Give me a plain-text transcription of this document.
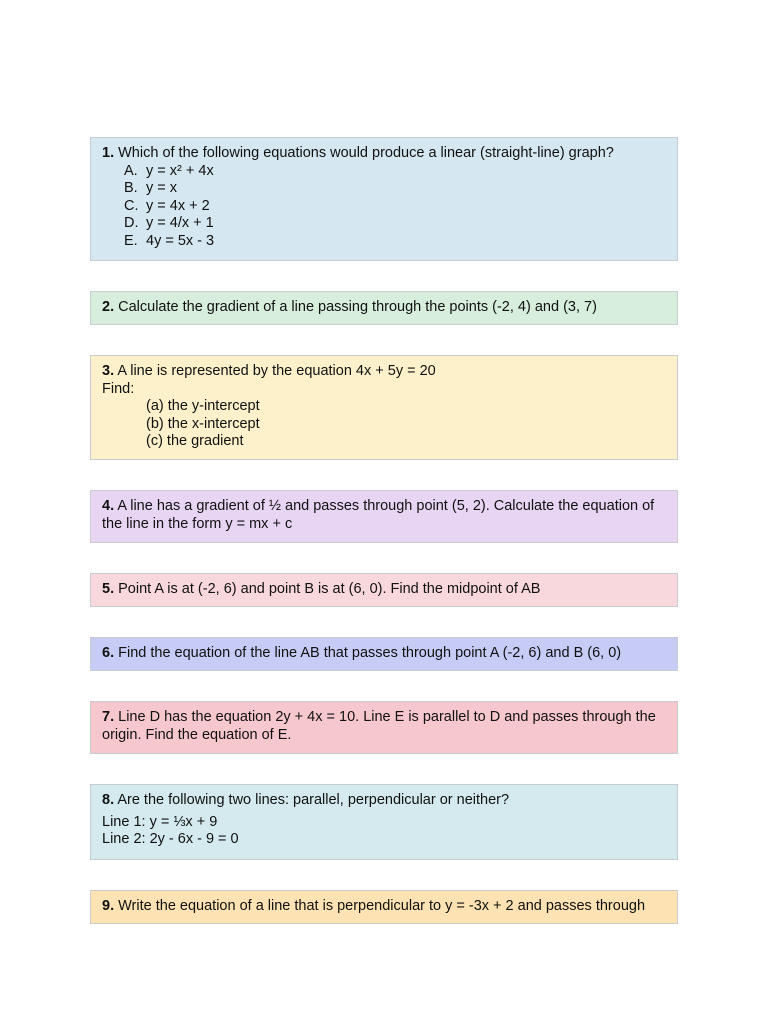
1. Which of the following equations would produce a linear (straight-line) graph?
A. y = x² + 4x
B. y = x
C. y = 4x + 2
D. y = 4/x + 1
E. 4y = 5x - 3
2. Calculate the gradient of a line passing through the points (-2, 4) and (3, 7)
3. A line is represented by the equation 4x + 5y = 20
Find:
(a) the y-intercept
(b) the x-intercept
(c) the gradient
4. A line has a gradient of ½ and passes through point (5, 2). Calculate the equation of the line in the form y = mx + c
5. Point A is at (-2, 6) and point B is at (6, 0). Find the midpoint of AB
6. Find the equation of the line AB that passes through point A (-2, 6) and B (6, 0)
7. Line D has the equation 2y + 4x = 10. Line E is parallel to D and passes through the origin. Find the equation of E.
8. Are the following two lines: parallel, perpendicular or neither?
Line 1: y = ⅓x + 9
Line 2: 2y - 6x - 9 = 0
9. Write the equation of a line that is perpendicular to y = -3x + 2 and passes through
